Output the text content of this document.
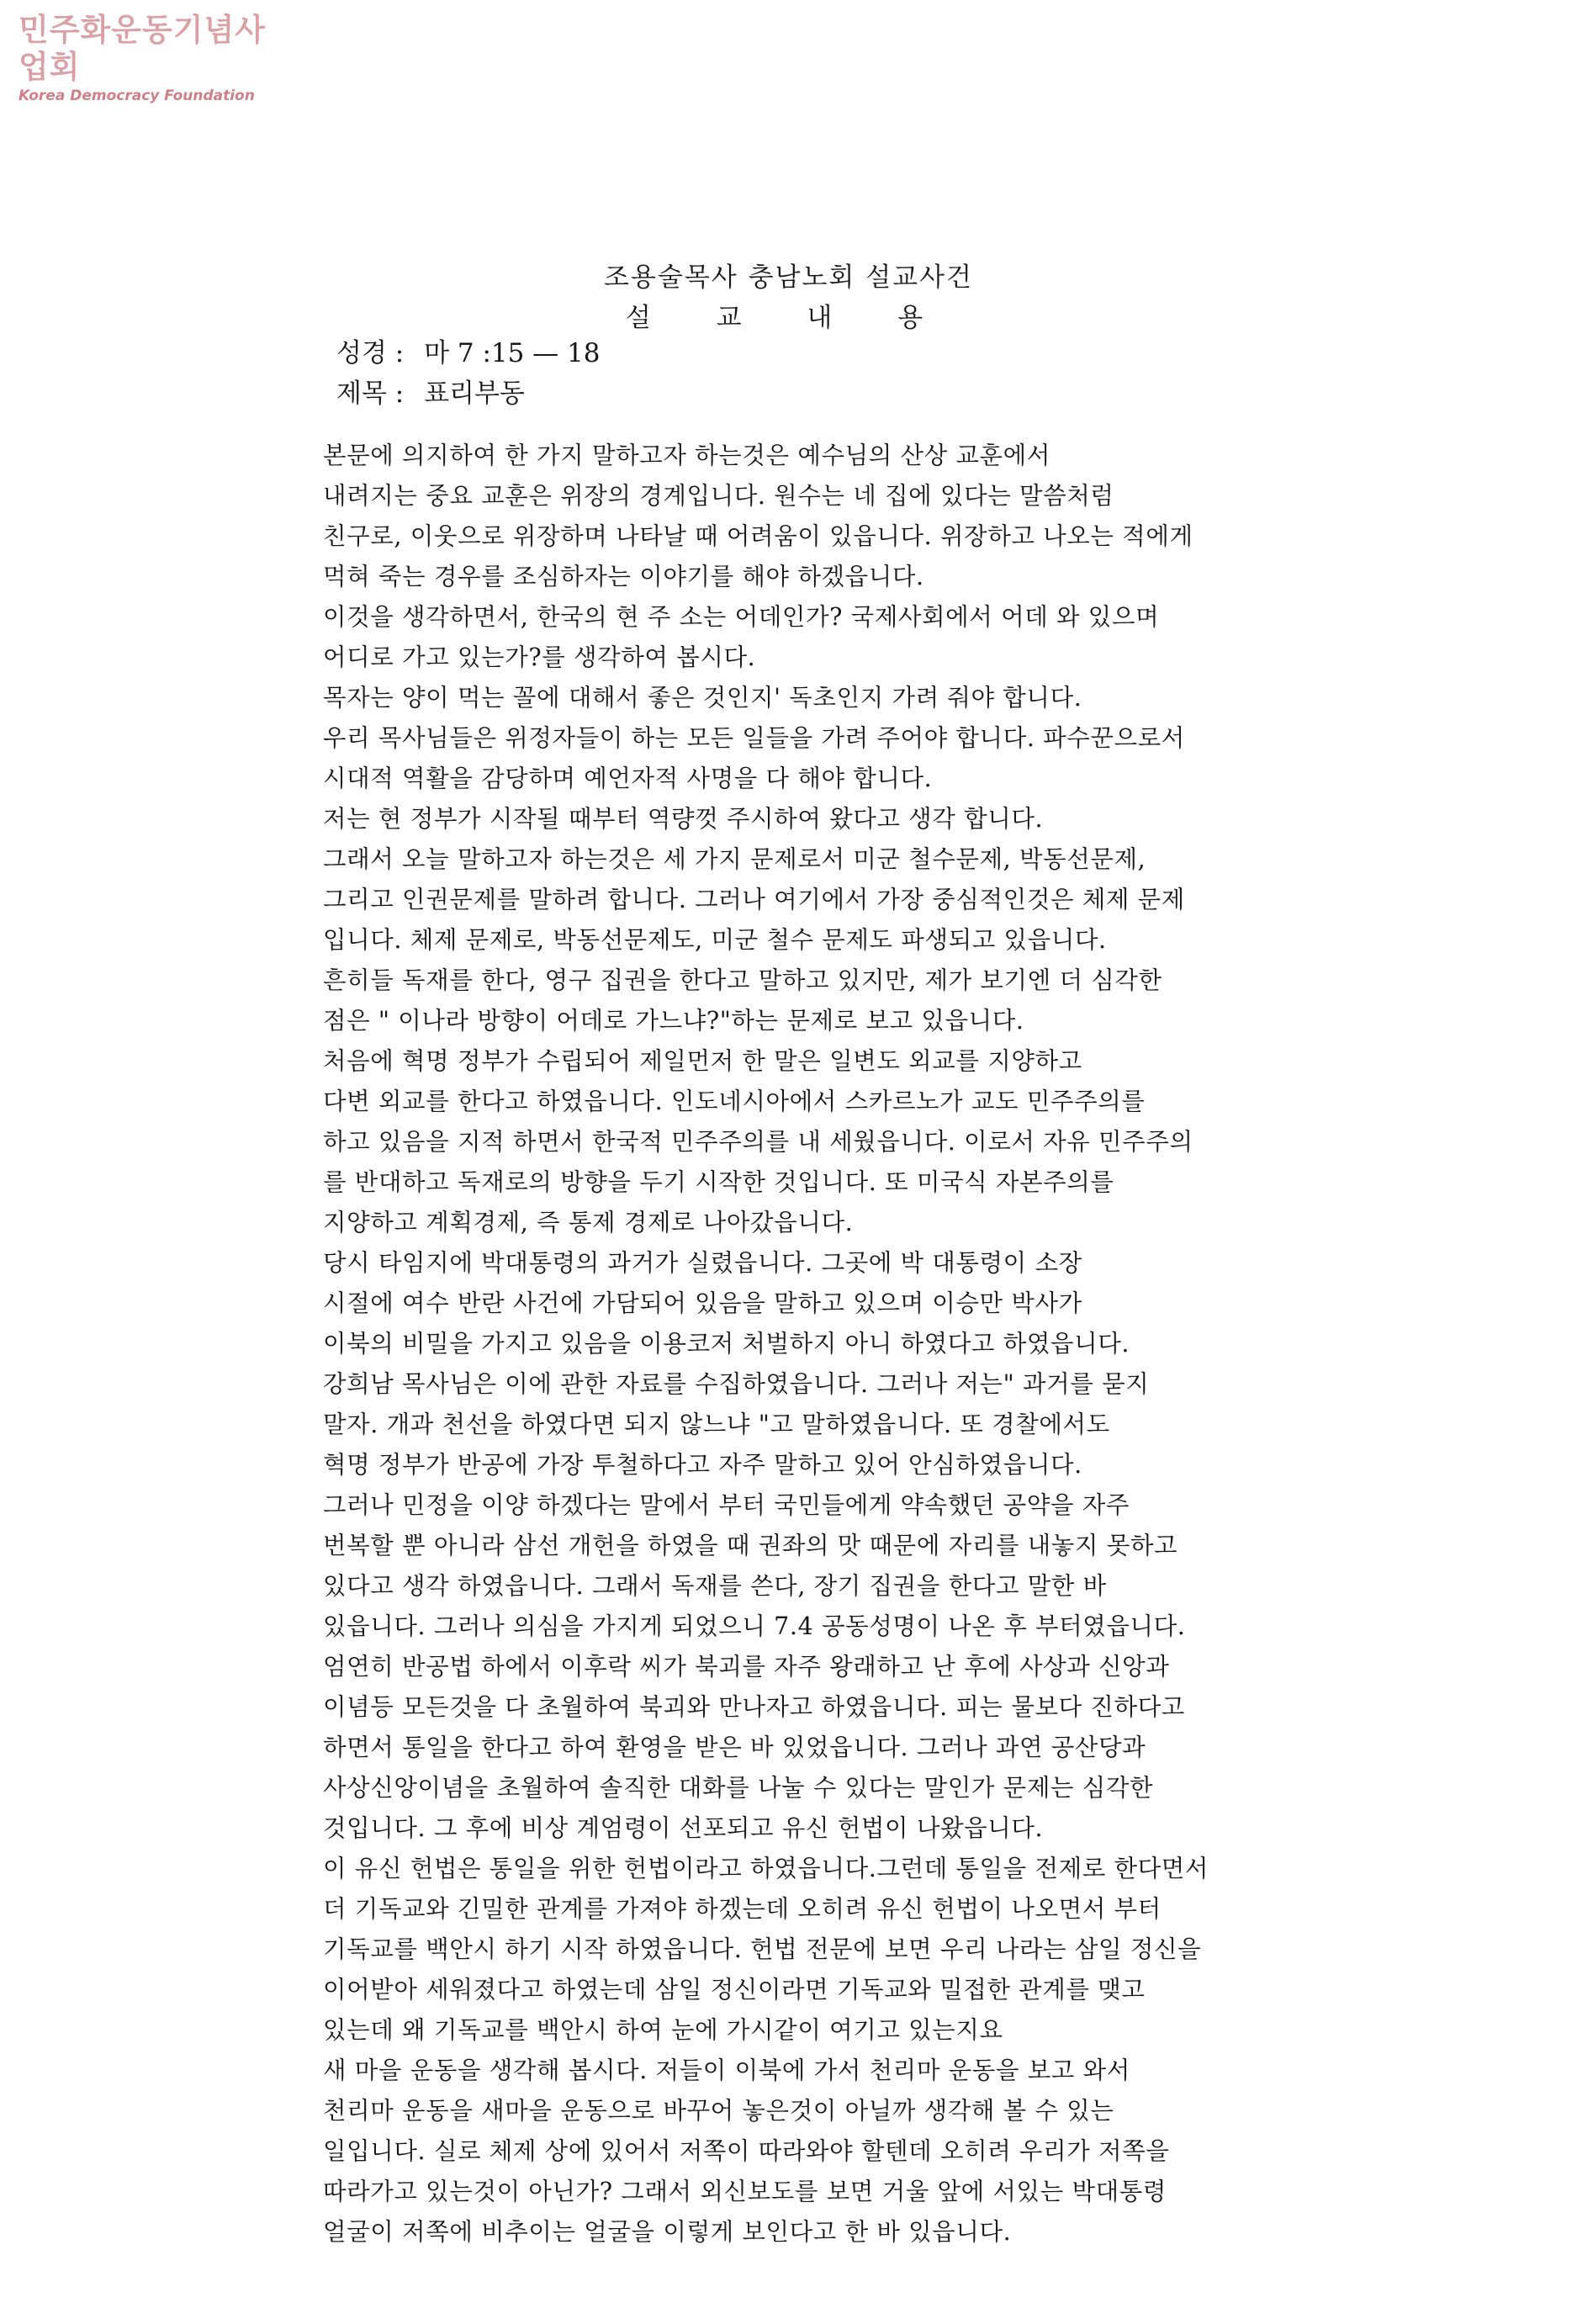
민주화운동기념사업회
Korea Democracy Foundation
조용술목사 충남노회 설교사건
설 교 내 용
성경 : 마 7 :15 — 18
제목 : 표리부동
본문에 의지하여 한 가지 말하고자 하는것은 예수님의 산상 교훈에서
내려지는 중요 교훈은 위장의 경계입니다. 원수는 네 집에 있다는 말씀처럼
친구로, 이웃으로 위장하며 나타날 때 어려움이 있읍니다. 위장하고 나오는 적에게
먹혀 죽는 경우를 조심하자는 이야기를 해야 하겠읍니다.
이것을 생각하면서, 한국의 현 주 소는 어데인가? 국제사회에서 어데 와 있으며
어디로 가고 있는가?를 생각하여 봅시다.
목자는 양이 먹는 꼴에 대해서 좋은 것인지' 독초인지 가려 줘야 합니다.
우리 목사님들은 위정자들이 하는 모든 일들을 가려 주어야 합니다. 파수꾼으로서
시대적 역활을 감당하며 예언자적 사명을 다 해야 합니다.
저는 현 정부가 시작될 때부터 역량껏 주시하여 왔다고 생각 합니다.
그래서 오늘 말하고자 하는것은 세 가지 문제로서 미군 철수문제, 박동선문제,
그리고 인권문제를 말하려 합니다. 그러나 여기에서 가장 중심적인것은 체제 문제
입니다. 체제 문제로, 박동선문제도, 미군 철수 문제도 파생되고 있읍니다.
흔히들 독재를 한다, 영구 집권을 한다고 말하고 있지만, 제가 보기엔 더 심각한
점은 " 이나라 방향이 어데로 가느냐?"하는 문제로 보고 있읍니다.
처음에 혁명 정부가 수립되어 제일먼저 한 말은 일변도 외교를 지양하고
다변 외교를 한다고 하였읍니다. 인도네시아에서 스카르노가 교도 민주주의를
하고 있음을 지적 하면서 한국적 민주주의를 내 세웠읍니다. 이로서 자유 민주주의
를 반대하고 독재로의 방향을 두기 시작한 것입니다. 또 미국식 자본주의를
지양하고 계획경제, 즉 통제 경제로 나아갔읍니다.
당시 타임지에 박대통령의 과거가 실렸읍니다. 그곳에 박 대통령이 소장
시절에 여수 반란 사건에 가담되어 있음을 말하고 있으며 이승만 박사가
이북의 비밀을 가지고 있음을 이용코저 처벌하지 아니 하였다고 하였읍니다.
강희남 목사님은 이에 관한 자료를 수집하였읍니다. 그러나 저는" 과거를 묻지
말자. 개과 천선을 하였다면 되지 않느냐 "고 말하였읍니다. 또 경찰에서도
혁명 정부가 반공에 가장 투철하다고 자주 말하고 있어 안심하였읍니다.
그러나 민정을 이양 하겠다는 말에서 부터 국민들에게 약속했던 공약을 자주
번복할 뿐 아니라 삼선 개헌을 하였을 때 권좌의 맛 때문에 자리를 내놓지 못하고
있다고 생각 하였읍니다. 그래서 독재를 쓴다, 장기 집권을 한다고 말한 바
있읍니다. 그러나 의심을 가지게 되었으니 7.4 공동성명이 나온 후 부터였읍니다.
엄연히 반공법 하에서 이후락 씨가 북괴를 자주 왕래하고 난 후에 사상과 신앙과
이념등 모든것을 다 초월하여 북괴와 만나자고 하였읍니다. 피는 물보다 진하다고
하면서 통일을 한다고 하여 환영을 받은 바 있었읍니다. 그러나 과연 공산당과
사상신앙이념을 초월하여 솔직한 대화를 나눌 수 있다는 말인가 문제는 심각한
것입니다. 그 후에 비상 계엄령이 선포되고 유신 헌법이 나왔읍니다.
이 유신 헌법은 통일을 위한 헌법이라고 하였읍니다.그런데 통일을 전제로 한다면서
더 기독교와 긴밀한 관계를 가져야 하겠는데 오히려 유신 헌법이 나오면서 부터
기독교를 백안시 하기 시작 하였읍니다. 헌법 전문에 보면 우리 나라는 삼일 정신을
이어받아 세워졌다고 하였는데 삼일 정신이라면 기독교와 밀접한 관계를 맺고
있는데 왜 기독교를 백안시 하여 눈에 가시같이 여기고 있는지요
새 마을 운동을 생각해 봅시다. 저들이 이북에 가서 천리마 운동을 보고 와서
천리마 운동을 새마을 운동으로 바꾸어 놓은것이 아닐까 생각해 볼 수 있는
일입니다. 실로 체제 상에 있어서 저쪽이 따라와야 할텐데 오히려 우리가 저쪽을
따라가고 있는것이 아닌가? 그래서 외신보도를 보면 거울 앞에 서있는 박대통령
얼굴이 저쪽에 비추이는 얼굴을 이렇게 보인다고 한 바 있읍니다.
